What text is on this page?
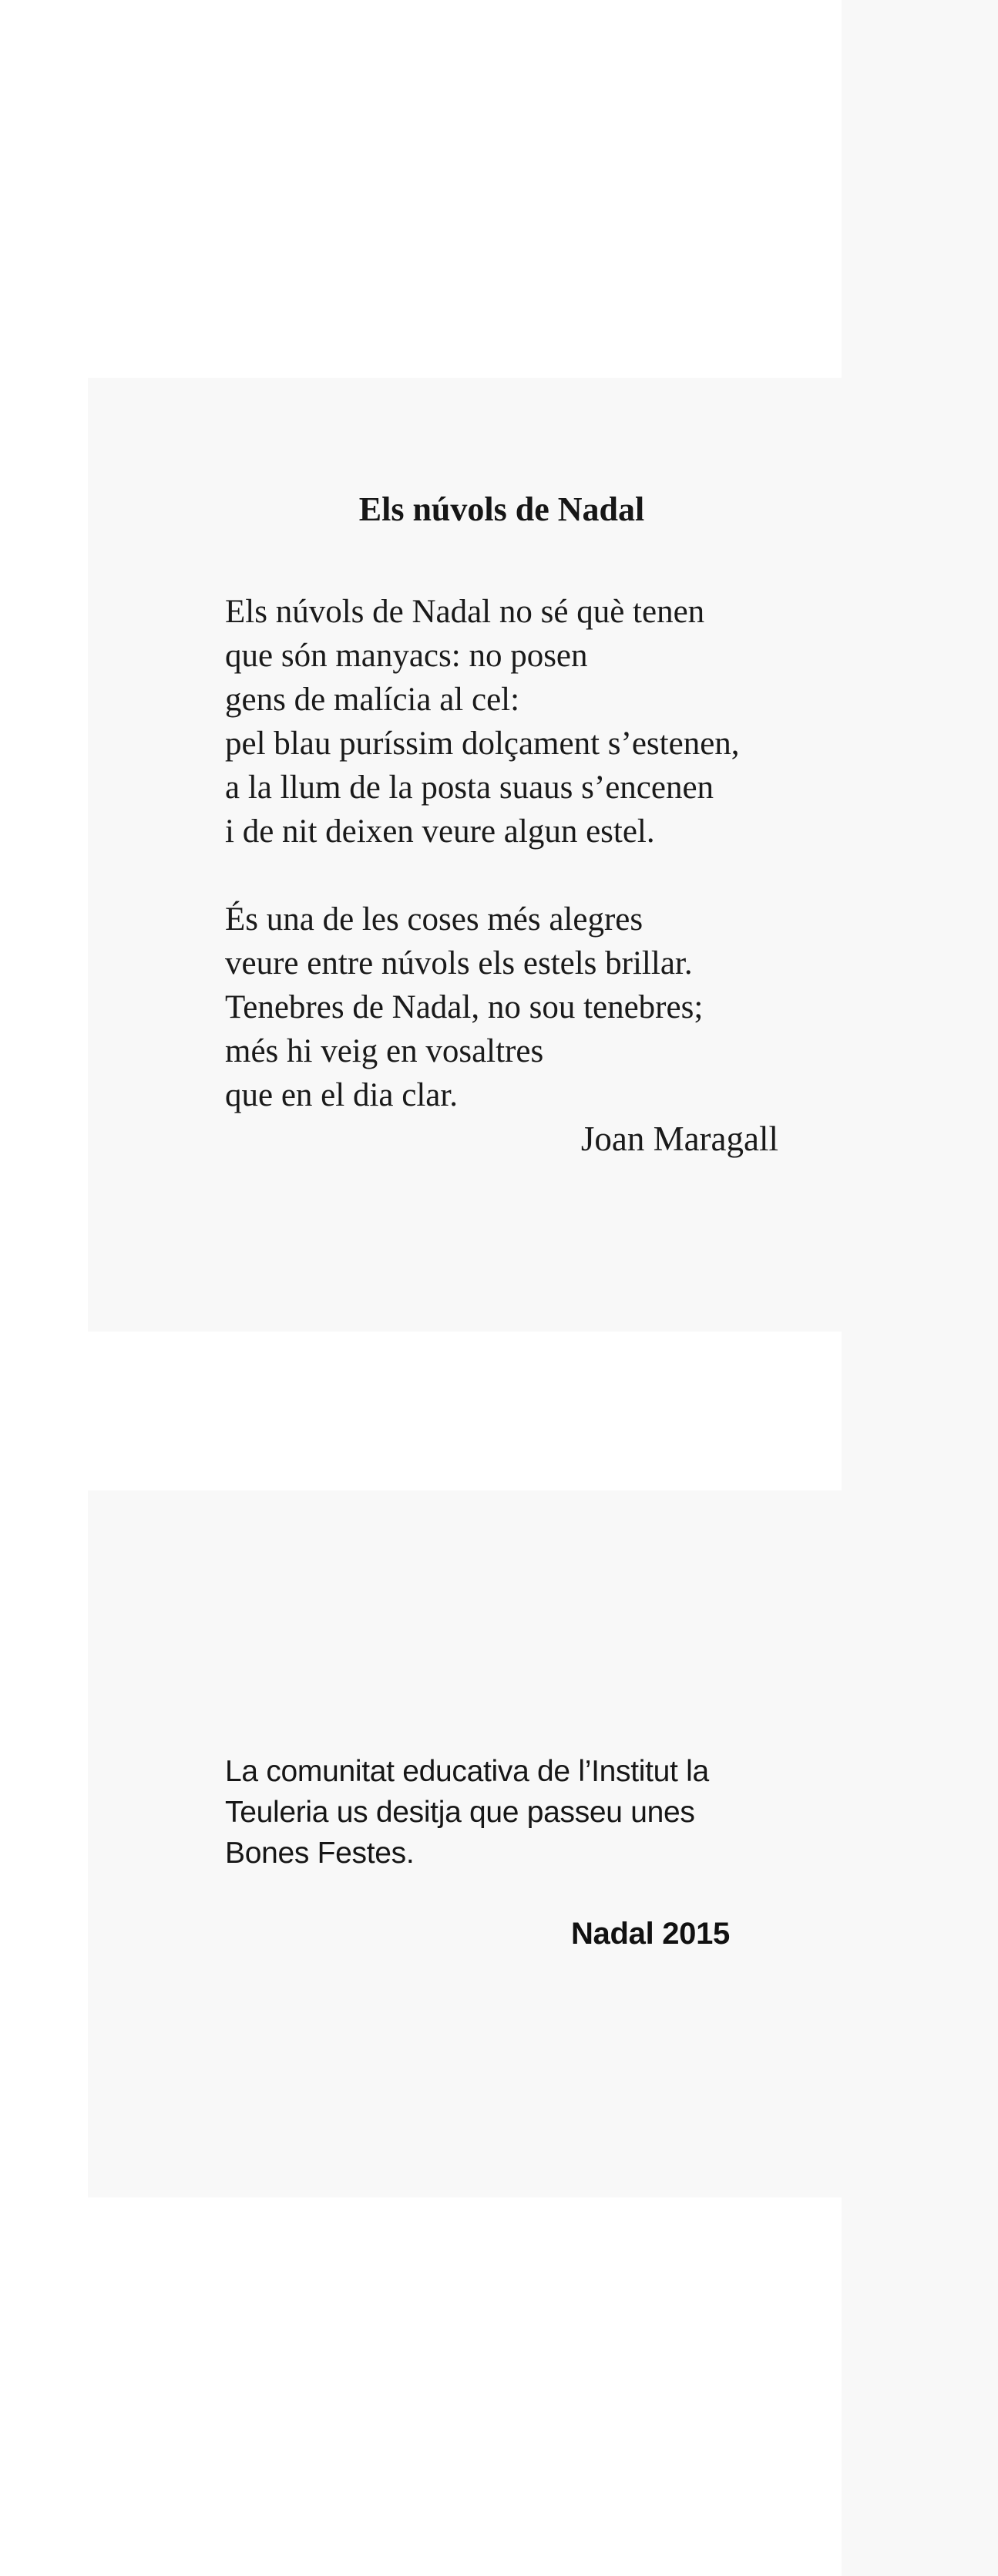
Els núvols de Nadal
Els núvols de Nadal no sé què tenen
que són manyacs: no posen
gens de malícia al cel:
pel blau puríssim dolçament s’estenen,
a la llum de la posta suaus s’encenen
i de nit deixen veure algun estel.
És una de les coses més alegres
veure entre núvols els estels brillar.
Tenebres de Nadal, no sou tenebres;
més hi veig en vosaltres
que en el dia clar.
Joan Maragall
La comunitat educativa de l’Institut la
Teuleria us desitja que passeu unes
Bones Festes.
Nadal 2015
